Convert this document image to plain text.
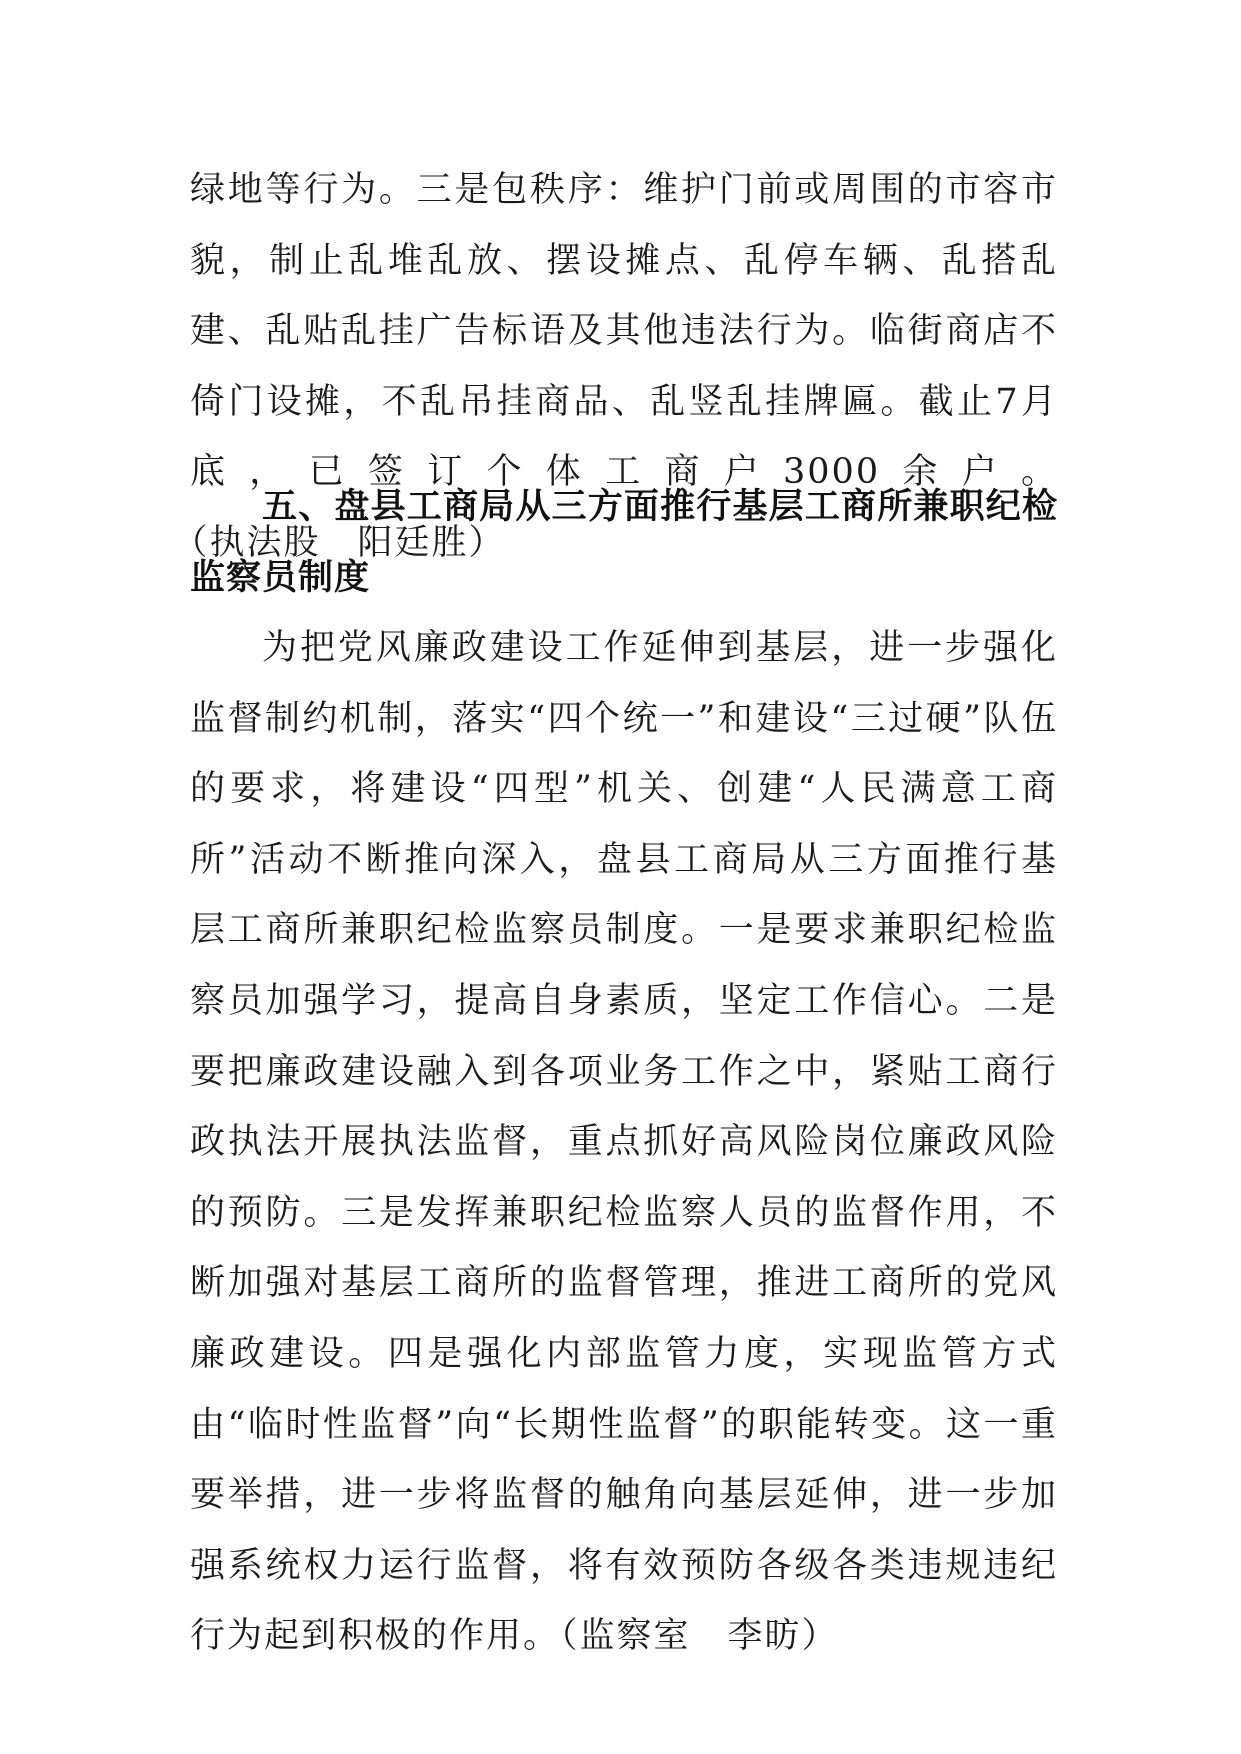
绿地等行为。三是包秩序：维护门前或周围的市容市貌，制止乱堆乱放、摆设摊点、乱停车辆、乱搭乱建、乱贴乱挂广告标语及其他违法行为。临街商店不倚门设摊，不乱吊挂商品、乱竖乱挂牌匾。截止7月底，已签订个体工商户3000余户。（执法股　阳廷胜）

五、盘县工商局从三方面推行基层工商所兼职纪检监察员制度

为把党风廉政建设工作延伸到基层，进一步强化监督制约机制，落实“四个统一”和建设“三过硬”队伍的要求，将建设“四型”机关、创建“人民满意工商所”活动不断推向深入，盘县工商局从三方面推行基层工商所兼职纪检监察员制度。一是要求兼职纪检监察员加强学习，提高自身素质，坚定工作信心。二是要把廉政建设融入到各项业务工作之中，紧贴工商行政执法开展执法监督，重点抓好高风险岗位廉政风险的预防。三是发挥兼职纪检监察人员的监督作用，不断加强对基层工商所的监督管理，推进工商所的党风廉政建设。四是强化内部监管力度，实现监管方式由“临时性监督”向“长期性监督”的职能转变。这一重要举措，进一步将监督的触角向基层延伸，进一步加强系统权力运行监督，将有效预防各级各类违规违纪行为起到积极的作用。（监察室　李昉）
